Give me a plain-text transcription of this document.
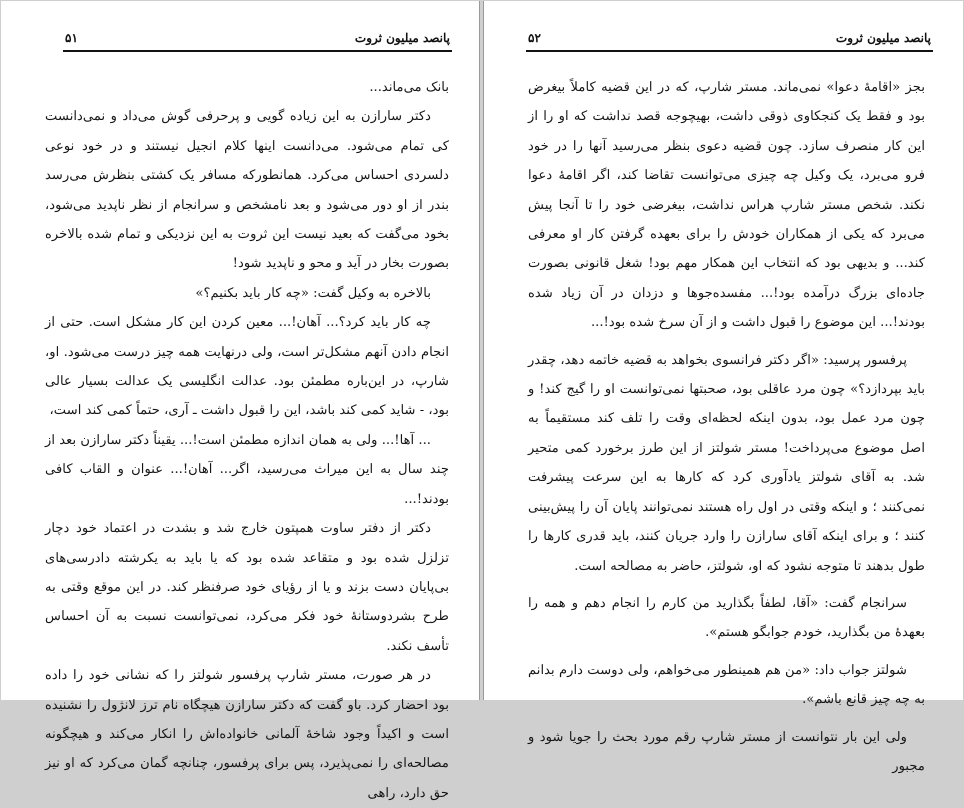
پانصد میلیون ثروت
۵۱

بانک می‌ماند...

دکتر سارازن به این زیاده گویی و پرحرفی گوش می‌داد و نمی‌دانست کی تمام می‌شود. می‌دانست اینها کلام انجیل نیستند و در خود نوعی دلسردی احساس می‌کرد. همانطورکه مسافر یک کشتی بنظرش می‌رسد بندر از او دور می‌شود و بعد نامشخص و سرانجام از نظر ناپدید می‌شود، بخود می‌گفت که بعید نیست این ثروت به این نزدیکی و تمام شده بالاخره بصورت بخار در آید و محو و ناپدید شود!

بالاخره به وکیل گفت: «چه کار باید بکنیم؟»

چه کار باید کرد؟... آهان!... معین کردن این کار مشکل است. حتی از انجام دادن آنهم مشکل‌تر است، ولی درنهایت همه چیز درست می‌شود. او، شارپ، در این‌باره مطمئن بود. عدالت انگلیسی یک عدالت بسیار عالی بود، - شاید کمی کند باشد، این را قبول داشت ـ آری، حتماً کمی کند است،

... آها!... ولی به همان اندازه مطمئن است!... یقیناً دکتر سارازن بعد از چند سال به این میراث می‌رسید، اگر... آهان!... عنوان و القاب کافی بودند!...

دکتر از دفتر ساوت همپتون خارج شد و بشدت در اعتماد خود دچار تزلزل شده بود و متقاعد شده بود که یا باید به یکرشته دادرسی‌های بی‌پایان دست بزند و یا از رؤیای خود صرفنظر کند. در این موقع وقتی به طرح بشردوستانهٔ خود فکر می‌کرد، نمی‌توانست نسبت به آن احساس تأسف نکند.

در هر صورت، مستر شارپ پرفسور شولتز را که نشانی خود را داده بود احضار کرد. باو گفت که دکتر سارازن هیچگاه نام ترز لانژول را نشنیده است و اکیداً وجود شاخهٔ آلمانی خانواده‌اش را انکار می‌کند و هیچگونه مصالحه‌ای را نمی‌پذیرد، پس برای پرفسور، چنانچه گمان می‌کرد که او نیز حق دارد، راهی

پانصد میلیون ثروت
۵۲

بجز «اقامهٔ دعوا» نمی‌ماند. مستر شارپ، که در این قضیه کاملاً بیغرض بود و فقط یک کنجکاوی ذوقی داشت، بهیچوجه قصد نداشت که او را از این کار منصرف سازد. چون قضیه دعوی بنظر می‌رسید آنها را در خود فرو می‌برد، یک وکیل چه چیزی می‌توانست تقاضا کند، اگر اقامهٔ دعوا نکند. شخص مستر شارپ هراس نداشت، بیغرضی خود را تا آنجا پیش می‌برد که یکی از همکاران خودش را برای بعهده گرفتن کار او معرفی کند... و بدیهی بود که انتخاب این همکار مهم بود! شغل قانونی بصورت جاده‌ای بزرگ درآمده بود!... مفسده‌جوها و دزدان در آن زیاد شده بودند!... این موضوع را قبول داشت و از آن سرخ شده بود!...

پرفسور پرسید: «اگر دکتر فرانسوی بخواهد به قضیه خاتمه دهد، چقدر باید بپردازد؟» چون مرد عاقلی بود، صحبتها نمی‌توانست او را گیج کند! و چون مرد عمل بود، بدون اینکه لحظه‌ای وقت را تلف کند مستقیماً به اصل موضوع می‌پرداخت! مستر شولتز از این طرز برخورد کمی متحیر شد. به آقای شولتز یادآوری کرد که کارها به این سرعت پیشرفت نمی‌کنند ؛ و اینکه وقتی در اول راه هستند نمی‌توانند پایان آن را پیش‌بینی کنند ؛ و برای اینکه آقای سارازن را وارد جریان کنند، باید قدری کارها را طول بدهند تا متوجه نشود که او، شولتز، حاضر به مصالحه است.

سرانجام گفت: «آقا، لطفاً بگذارید من کارم را انجام دهم و همه را بعهدهٔ من بگذارید، خودم جوابگو هستم».

شولتز جواب داد: «من هم همینطور می‌خواهم، ولی دوست دارم بدانم به چه چیز قانع باشم».

ولی این بار نتوانست از مستر شارپ رقم مورد بحث را جویا شود و مجبور
